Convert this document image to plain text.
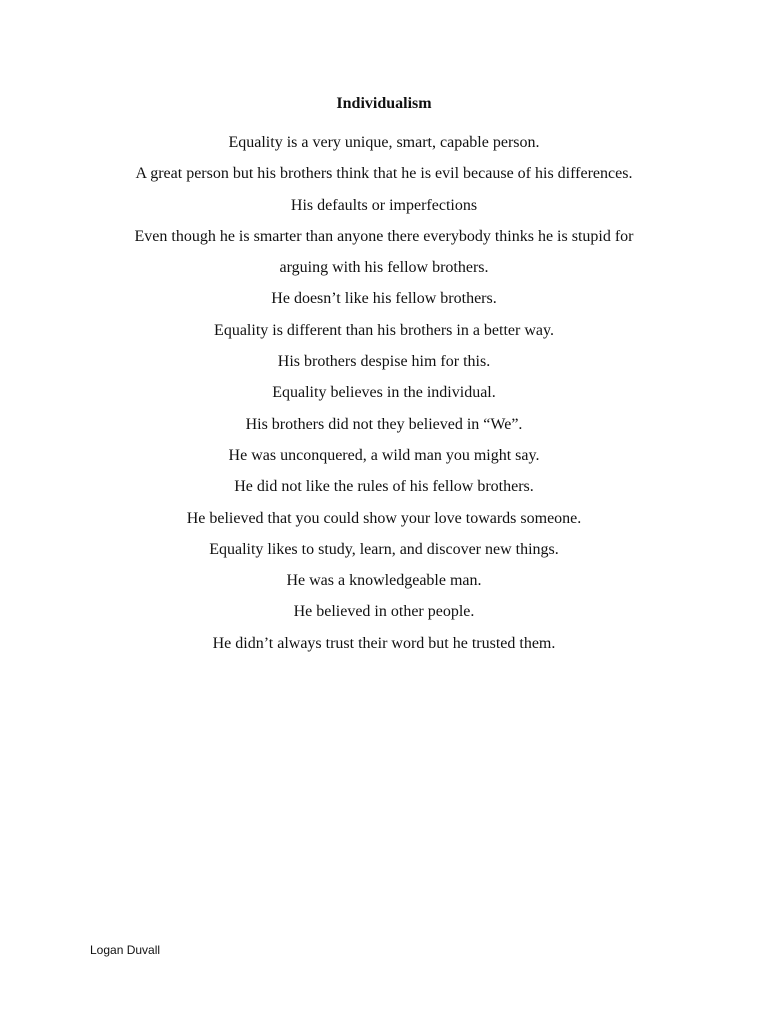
Individualism
Equality is a very unique, smart, capable person.
A great person but his brothers think that he is evil because of his differences.
His defaults or imperfections
Even though he is smarter than anyone there everybody thinks he is stupid for
arguing with his fellow brothers.
He doesn’t like his fellow brothers.
Equality is different than his brothers in a better way.
His brothers despise him for this.
Equality believes in the individual.
His brothers did not they believed in “We”.
He was unconquered, a wild man you might say.
He did not like the rules of his fellow brothers.
He believed that you could show your love towards someone.
Equality likes to study, learn, and discover new things.
He was a knowledgeable man.
He believed in other people.
He didn’t always trust their word but he trusted them.
Logan Duvall
